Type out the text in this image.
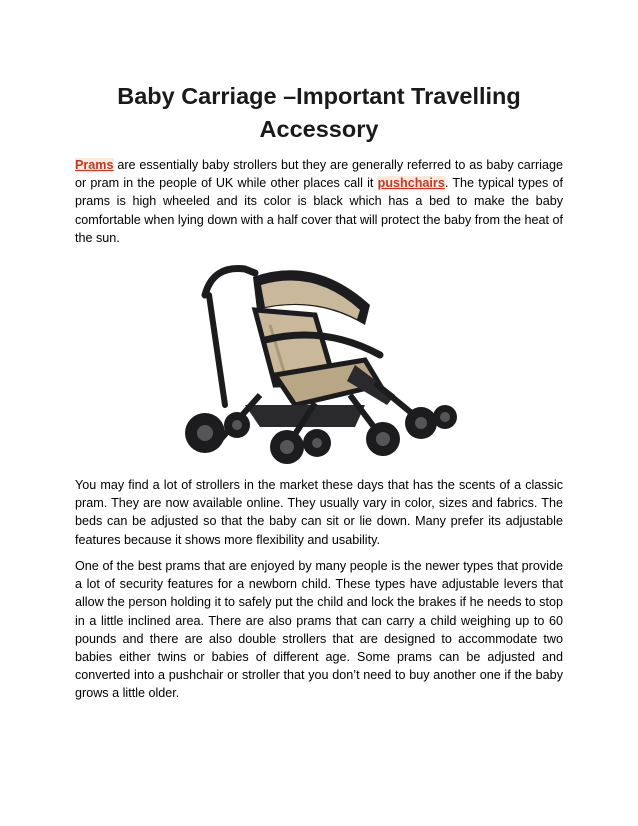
Baby Carriage –Important Travelling Accessory

Prams are essentially baby strollers but they are generally referred to as baby carriage or pram in the people of UK while other places call it pushchairs. The typical types of prams is high wheeled and its color is black which has a bed to make the baby comfortable when lying down with a half cover that will protect the baby from the heat of the sun.

You may find a lot of strollers in the market these days that has the scents of a classic pram. They are now available online. They usually vary in color, sizes and fabrics. The beds can be adjusted so that the baby can sit or lie down. Many prefer its adjustable features because it shows more flexibility and usability.

One of the best prams that are enjoyed by many people is the newer types that provide a lot of security features for a newborn child. These types have adjustable levers that allow the person holding it to safely put the child and lock the brakes if he needs to stop in a little inclined area. There are also prams that can carry a child weighing up to 60 pounds and there are also double strollers that are designed to accommodate two babies either twins or babies of different age. Some prams can be adjusted and converted into a pushchair or stroller that you don’t need to buy another one if the baby grows a little older.
